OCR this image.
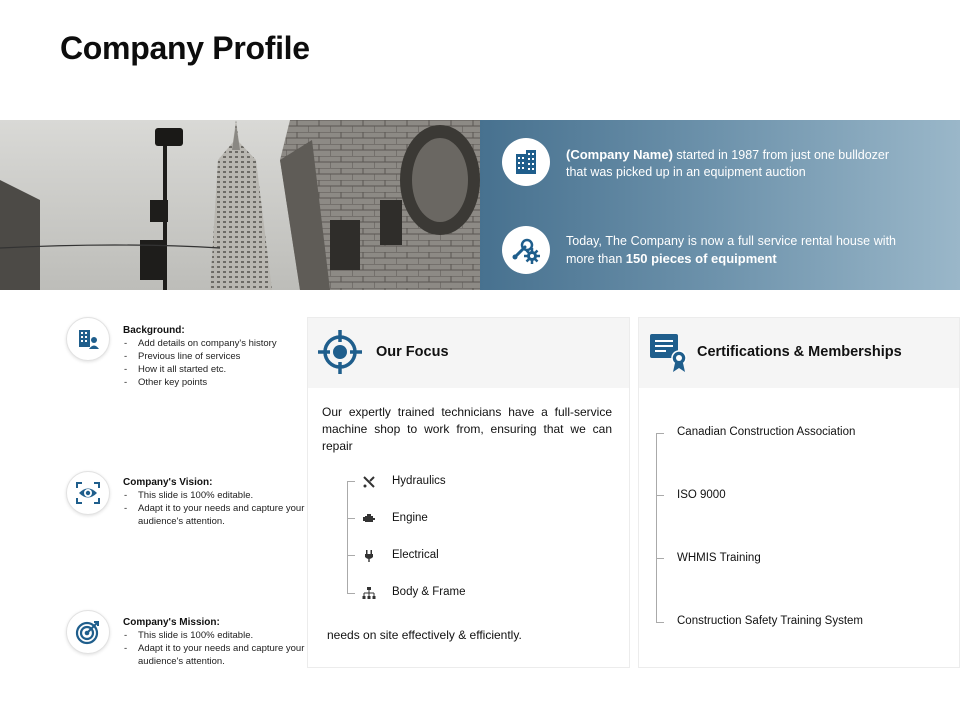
Company Profile
(Company Name) started in 1987 from just one bulldozer that was picked up in an equipment auction
Today, The Company is now a full service rental house with more than 150 pieces of equipment
Background:
- Add details on company's history
- Previous line of services
- How it all started etc.
- Other key points
Company's Vision:
- This slide is 100% editable.
- Adapt it to your needs and capture your audience's attention.
Company's Mission:
- This slide is 100% editable.
- Adapt it to your needs and capture your audience's attention.
Our Focus
Our expertly trained technicians have a full-service machine shop to work from, ensuring that we can repair
Hydraulics
Engine
Electrical
Body & Frame
needs on site effectively & efficiently.
Certifications & Memberships
Canadian Construction Association
ISO 9000
WHMIS Training
Construction Safety Training System
